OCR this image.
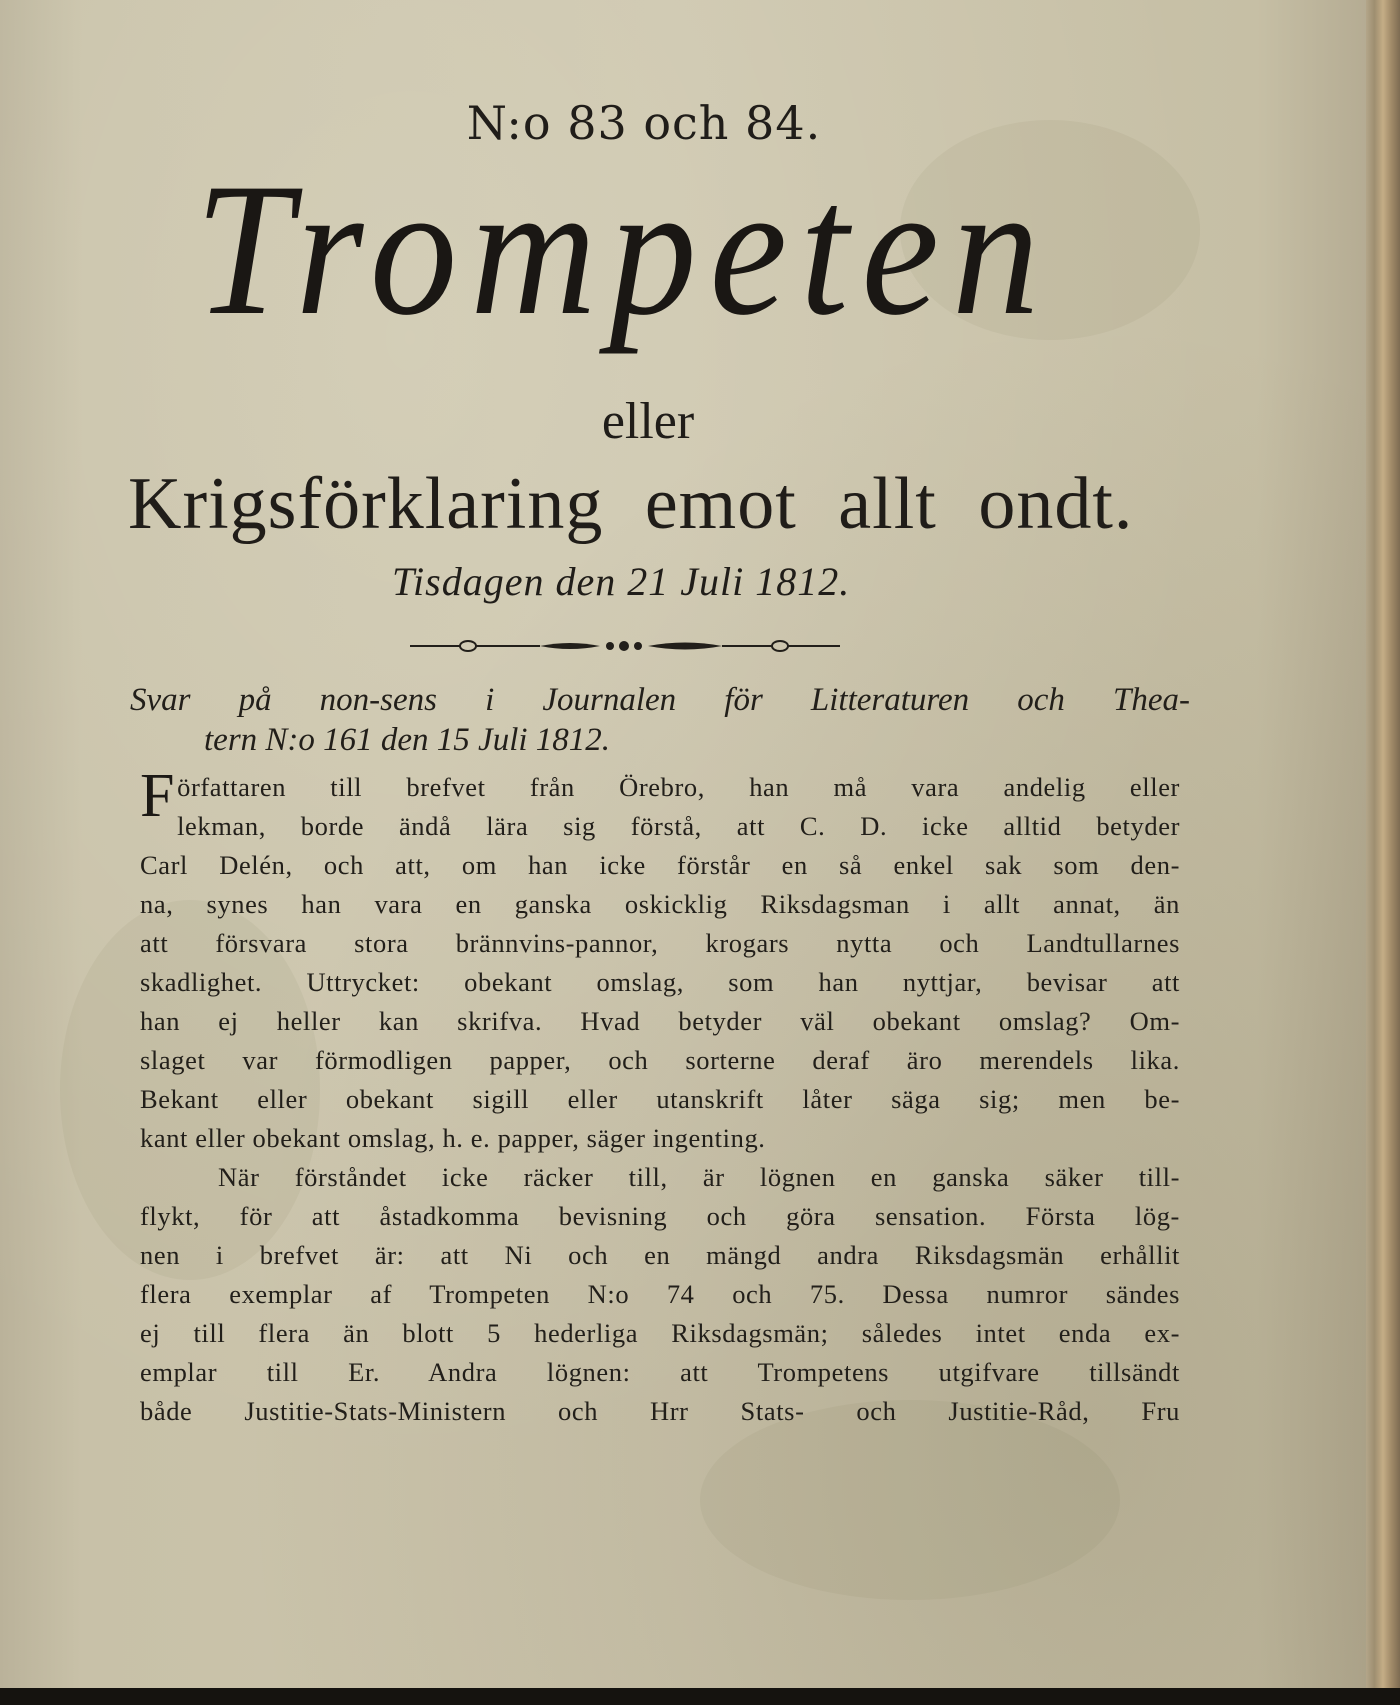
N:o 83 och 84.
Trompeten
eller
Krigsförklaring emot allt ondt.
Tisdagen den 21 Juli 1812.
Svar på non-sens i Journalen för Litteraturen och Thea-
tern N:o 161 den 15 Juli 1812.
F örfattaren till brefvet från Örebro, han må vara andelig eller
lekman, borde ändå lära sig förstå, att C. D. icke alltid betyder
Carl Delén, och att, om han icke förstår en så enkel sak som den-
na, synes han vara en ganska oskicklig Riksdagsman i allt annat, än
att försvara stora brännvins-pannor, krogars nytta och Landtullarnes
skadlighet. Uttrycket: obekant omslag, som han nyttjar, bevisar att
han ej heller kan skrifva. Hvad betyder väl obekant omslag? Om-
slaget var förmodligen papper, och sorterne deraf äro merendels lika.
Bekant eller obekant sigill eller utanskrift låter säga sig; men be-
kant eller obekant omslag, h. e. papper, säger ingenting.
När förståndet icke räcker till, är lögnen en ganska säker till-
flykt, för att åstadkomma bevisning och göra sensation. Första lög-
nen i brefvet är: att Ni och en mängd andra Riksdagsmän erhållit
flera exemplar af Trompeten N:o 74 och 75. Dessa numror sändes
ej till flera än blott 5 hederliga Riksdagsmän; således intet enda ex-
emplar till Er. Andra lögnen: att Trompetens utgifvare tillsändt
både Justitie-Stats-Ministern och Hrr Stats- och Justitie-Råd, Fru
